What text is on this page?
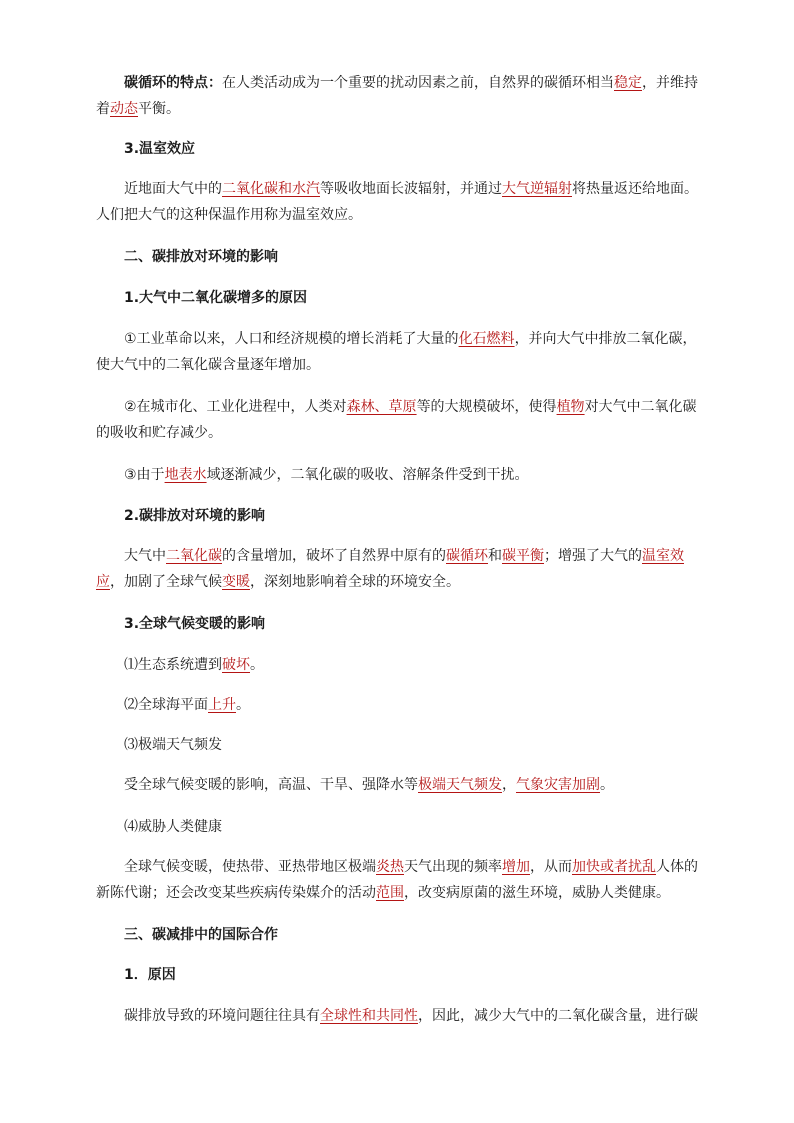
碳循环的特点：在人类活动成为一个重要的扰动因素之前，自然界的碳循环相当稳定，并维持着动态平衡。

3.温室效应

近地面大气中的二氧化碳和水汽等吸收地面长波辐射，并通过大气逆辐射将热量返还给地面。人们把大气的这种保温作用称为温室效应。

二、碳排放对环境的影响

1.大气中二氧化碳增多的原因

①工业革命以来，人口和经济规模的增长消耗了大量的化石燃料，并向大气中排放二氧化碳，使大气中的二氧化碳含量逐年增加。

②在城市化、工业化进程中，人类对森林、草原等的大规模破坏，使得植物对大气中二氧化碳的吸收和贮存减少。

③由于地表水域逐渐减少，二氧化碳的吸收、溶解条件受到干扰。

2.碳排放对环境的影响

大气中二氧化碳的含量增加，破坏了自然界中原有的碳循环和碳平衡；增强了大气的温室效应，加剧了全球气候变暖，深刻地影响着全球的环境安全。

3.全球气候变暖的影响

⑴生态系统遭到破坏。

⑵全球海平面上升。

⑶极端天气频发

受全球气候变暖的影响，高温、干旱、强降水等极端天气频发，气象灾害加剧。

⑷威胁人类健康

全球气候变暖，使热带、亚热带地区极端炎热天气出现的频率增加，从而加快或者扰乱人体的新陈代谢；还会改变某些疾病传染媒介的活动范围，改变病原菌的滋生环境，威胁人类健康。

三、碳减排中的国际合作

1．原因

碳排放导致的环境问题往往具有全球性和共同性，因此，减少大气中的二氧化碳含量，进行碳
